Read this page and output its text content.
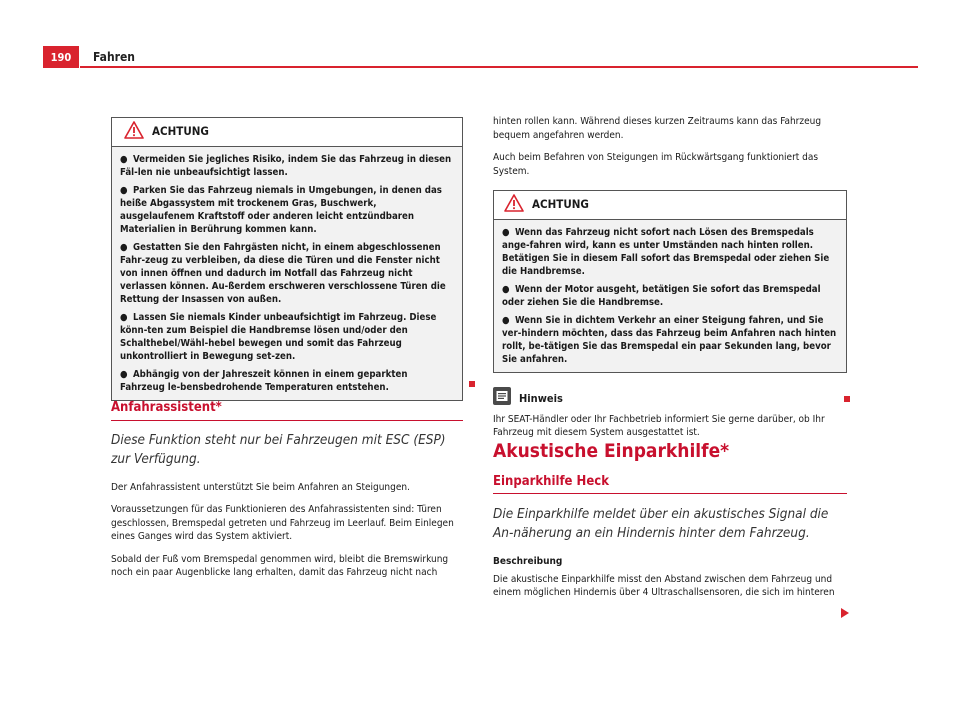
190	Fahren
ACHTUNG
● Vermeiden Sie jegliches Risiko, indem Sie das Fahrzeug in diesen Fäl-len nie unbeaufsichtigt lassen.
● Parken Sie das Fahrzeug niemals in Umgebungen, in denen das heiße Abgassystem mit trockenem Gras, Buschwerk, ausgelaufenem Kraftstoff oder anderen leicht entzündbaren Materialien in Berührung kommen kann.
● Gestatten Sie den Fahrgästen nicht, in einem abgeschlossenen Fahr-zeug zu verbleiben, da diese die Türen und die Fenster nicht von innen öffnen und dadurch im Notfall das Fahrzeug nicht verlassen können. Au-ßerdem erschweren verschlossene Türen die Rettung der Insassen von außen.
● Lassen Sie niemals Kinder unbeaufsichtigt im Fahrzeug. Diese könn-ten zum Beispiel die Handbremse lösen und/oder den Schalthebel/Wähl-hebel bewegen und somit das Fahrzeug unkontrolliert in Bewegung set-zen.
● Abhängig von der Jahreszeit können in einem geparkten Fahrzeug le-bensbedrohende Temperaturen entstehen.
Anfahrassistent*
Diese Funktion steht nur bei Fahrzeugen mit ESC (ESP) zur Verfügung.

Der Anfahrassistent unterstützt Sie beim Anfahren an Steigungen.

Voraussetzungen für das Funktionieren des Anfahrassistenten sind: Türen geschlossen, Bremspedal getreten und Fahrzeug im Leerlauf. Beim Einlegen eines Ganges wird das System aktiviert.

Sobald der Fuß vom Bremspedal genommen wird, bleibt die Bremswirkung noch ein paar Augenblicke lang erhalten, damit das Fahrzeug nicht nach

hinten rollen kann. Während dieses kurzen Zeitraums kann das Fahrzeug bequem angefahren werden.

Auch beim Befahren von Steigungen im Rückwärtsgang funktioniert das System.

ACHTUNG
● Wenn das Fahrzeug nicht sofort nach Lösen des Bremspedals ange-fahren wird, kann es unter Umständen nach hinten rollen. Betätigen Sie in diesem Fall sofort das Bremspedal oder ziehen Sie die Handbremse.
● Wenn der Motor ausgeht, betätigen Sie sofort das Bremspedal oder ziehen Sie die Handbremse.
● Wenn Sie in dichtem Verkehr an einer Steigung fahren, und Sie ver-hindern möchten, dass das Fahrzeug beim Anfahren nach hinten rollt, be-tätigen Sie das Bremspedal ein paar Sekunden lang, bevor Sie anfahren.
Hinweis

Ihr SEAT-Händler oder Ihr Fachbetrieb informiert Sie gerne darüber, ob Ihr Fahrzeug mit diesem System ausgestattet ist.

Akustische Einparkhilfe*
Einparkhilfe Heck
Die Einparkhilfe meldet über ein akustisches Signal die An-näherung an ein Hindernis hinter dem Fahrzeug.
Beschreibung

Die akustische Einparkhilfe misst den Abstand zwischen dem Fahrzeug und einem möglichen Hindernis über 4 Ultraschallsensoren, die sich im hinteren
